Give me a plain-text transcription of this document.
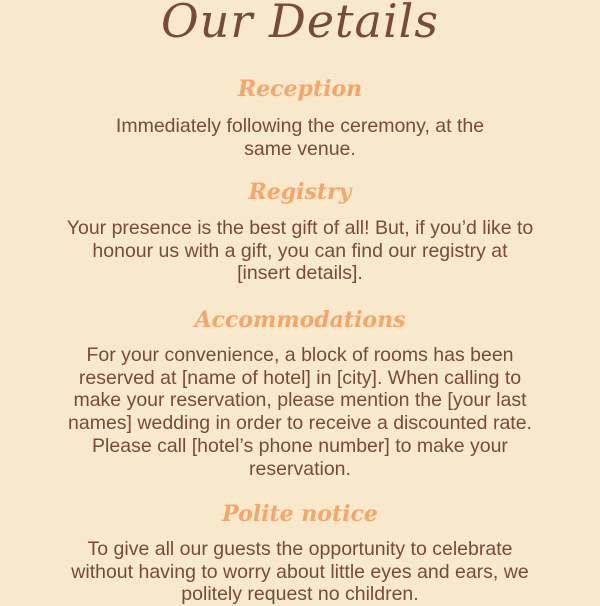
Our Details
Reception
Immediately following the ceremony, at the
same venue.
Registry
Your presence is the best gift of all! But, if you’d like to
honour us with a gift, you can find our registry at
[insert details].
Accommodations
For your convenience, a block of rooms has been
reserved at [name of hotel] in [city]. When calling to
make your reservation, please mention the [your last
names] wedding in order to receive a discounted rate.
Please call [hotel’s phone number] to make your
reservation.
Polite notice
To give all our guests the opportunity to celebrate
without having to worry about little eyes and ears, we
politely request no children.
